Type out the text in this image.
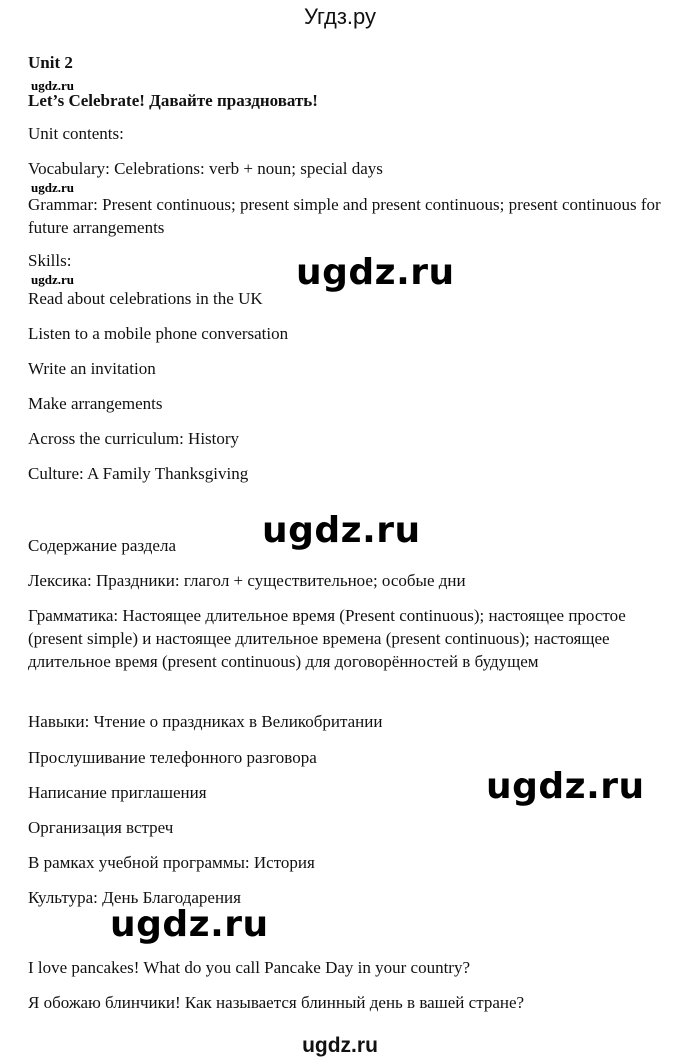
Угдз.ру
Unit 2
ugdz.ru
Let’s Celebrate! Давайте праздновать!
Unit contents:
Vocabulary: Celebrations: verb + noun; special days
ugdz.ru
Grammar: Present continuous; present simple and present continuous; present continuous for future arrangements
Skills:
ugdz.ru	ugdz.ru
Read about celebrations in the UK
Listen to a mobile phone conversation
Write an invitation
Make arrangements
Across the curriculum: History
Culture: A Family Thanksgiving
ugdz.ru
Содержание раздела
Лексика: Праздники: глагол + существительное; особые дни
Грамматика: Настоящее длительное время (Present continuous); настоящее простое (present simple) и настоящее длительное времена (present continuous); настоящее длительное время (present continuous) для договорённостей в будущем
Навыки: Чтение о праздниках в Великобритании
Прослушивание телефонного разговора
ugdz.ru
Написание приглашения
Организация встреч
В рамках учебной программы: История
Культура: День Благодарения
ugdz.ru
I love pancakes! What do you call Pancake Day in your country?
Я обожаю блинчики! Как называется блинный день в вашей стране?
ugdz.ru
